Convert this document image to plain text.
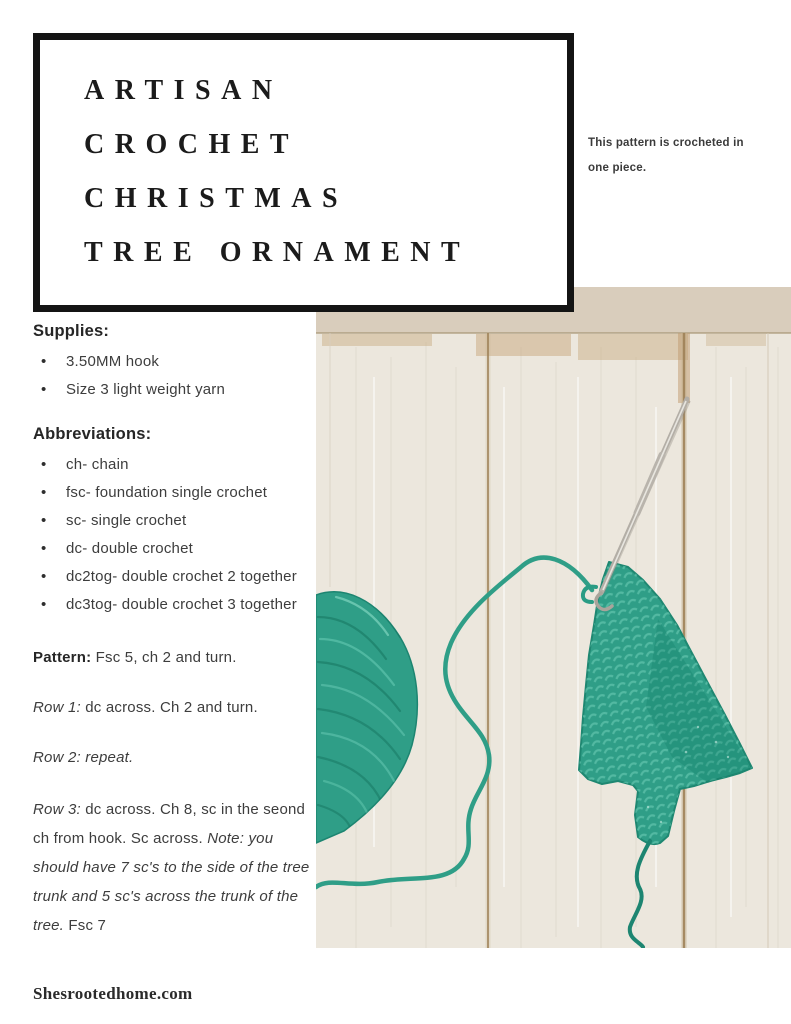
ARTISAN
CROCHET
CHRISTMAS
TREE ORNAMENT
This pattern is crocheted in one piece.
Supplies:
• 3.50MM hook
• Size 3 light weight yarn
Abbreviations:
• ch- chain
• fsc- foundation single crochet
• sc- single crochet
• dc- double crochet
• dc2tog- double crochet 2 together
• dc3tog- double crochet 3 together

Pattern: Fsc 5, ch 2 and turn.

Row 1: dc across. Ch 2 and turn.

Row 2: repeat.

Row 3: dc across. Ch 8, sc in the seond ch from hook. Sc across. Note: you should have 7 sc's to the side of the tree trunk and 5 sc's across the trunk of the tree. Fsc 7

Shesrootedhome.com
